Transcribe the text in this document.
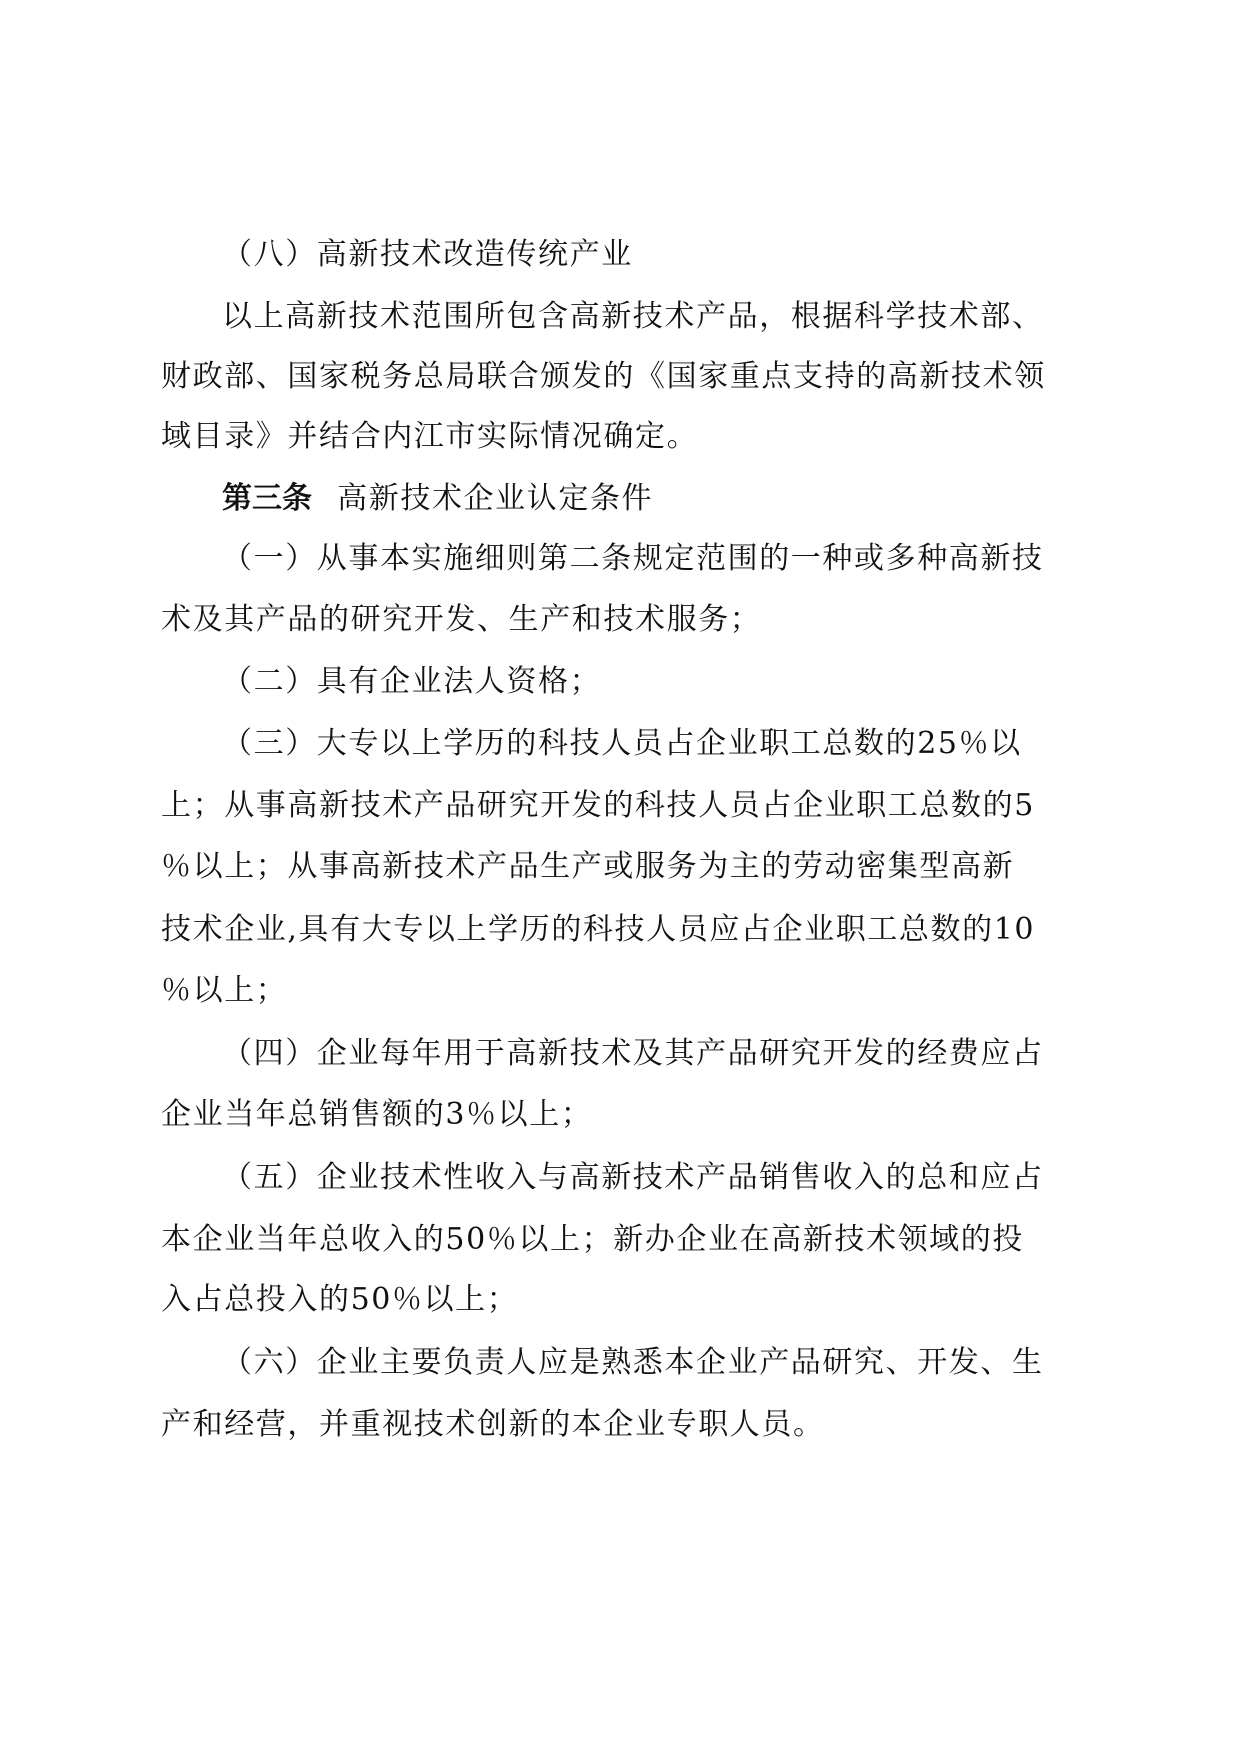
（八）高新技术改造传统产业
以上高新技术范围所包含高新技术产品，根据科学技术部、
财政部、国家税务总局联合颁发的《国家重点支持的高新技术领
域目录》并结合内江市实际情况确定。
第三条 高新技术企业认定条件
（一）从事本实施细则第二条规定范围的一种或多种高新技
术及其产品的研究开发、生产和技术服务；
（二）具有企业法人资格；
（三）大专以上学历的科技人员占企业职工总数的25％以
上；从事高新技术产品研究开发的科技人员占企业职工总数的5
％以上；从事高新技术产品生产或服务为主的劳动密集型高新
技术企业,具有大专以上学历的科技人员应占企业职工总数的10
％以上；
（四）企业每年用于高新技术及其产品研究开发的经费应占
企业当年总销售额的3％以上；
（五）企业技术性收入与高新技术产品销售收入的总和应占
本企业当年总收入的50％以上；新办企业在高新技术领域的投
入占总投入的50％以上；
（六）企业主要负责人应是熟悉本企业产品研究、开发、生
产和经营，并重视技术创新的本企业专职人员。
